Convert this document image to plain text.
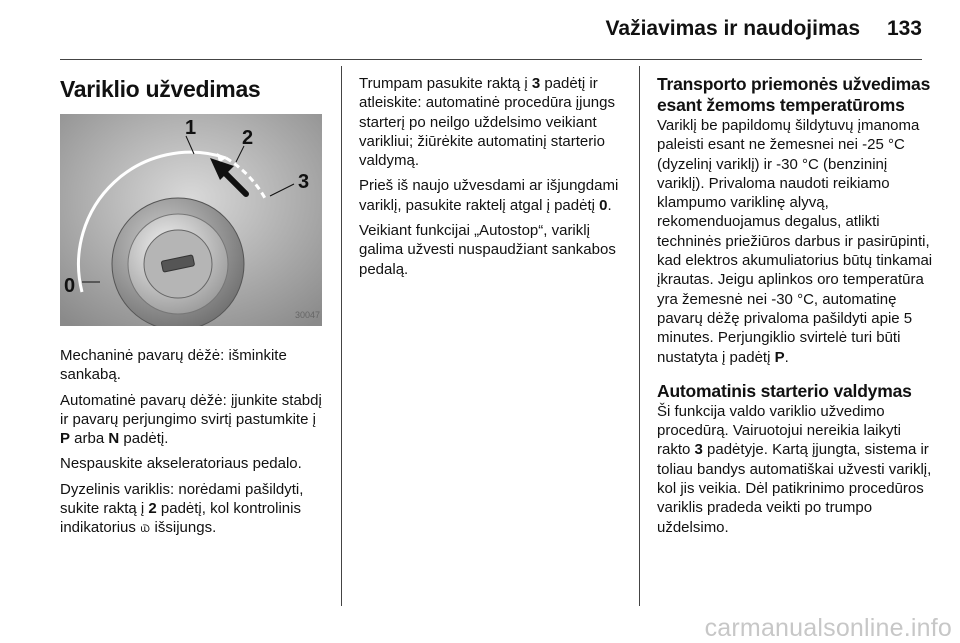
Važiavimas ir naudojimas	133
Variklio užvedimas
1 2
3
0
30047

Mechaninė pavarų dėžė: išminkite sankabą.

Automatinė pavarų dėžė: įjunkite stabdį ir pavarų perjungimo svirtį pastumkite į P arba N padėtį.

Nespauskite akseleratoriaus pedalo.

Dyzelinis variklis: norėdami pašildyti, sukite raktą į 2 padėtį, kol kontrolinis indikatorius ௰ išsijungs.

Trumpam pasukite raktą į 3 padėtį ir atleiskite: automatinė procedūra įjungs starterį po neilgo uždelsimo veikiant varikliui; žiūrėkite automatinį starterio valdymą.

Prieš iš naujo užvesdami ar išjungdami variklį, pasukite raktelį atgal į padėtį 0.

Veikiant funkcijai „Autostop“, variklį galima užvesti nuspaudžiant sankabos pedalą.

Transporto priemonės užvedimas esant žemoms temperatūroms

Variklį be papildomų šildytuvų įmanoma paleisti esant ne žemesnei nei -25 °C (dyzelinį variklį) ir -30 °C (benzininį variklį). Privaloma naudoti reikiamo klampumo variklinę alyvą, rekomenduojamus degalus, atlikti techninės priežiūros darbus ir pasirūpinti, kad elektros akumuliatorius būtų tinkamai įkrautas. Jeigu aplinkos oro temperatūra yra žemesnė nei -30 °C, automatinę pavarų dėžę privaloma pašildyti apie 5 minutes. Perjungiklio svirtelė turi būti nustatyta į padėtį P.

Automatinis starterio valdymas

Ši funkcija valdo variklio užvedimo procedūrą. Vairuotojui nereikia laikyti rakto 3 padėtyje. Kartą įjungta, sistema ir toliau bandys automatiškai užvesti variklį, kol jis veikia. Dėl patikrinimo procedūros variklis pradeda veikti po trumpo uždelsimo.

carmanualsonline.info
